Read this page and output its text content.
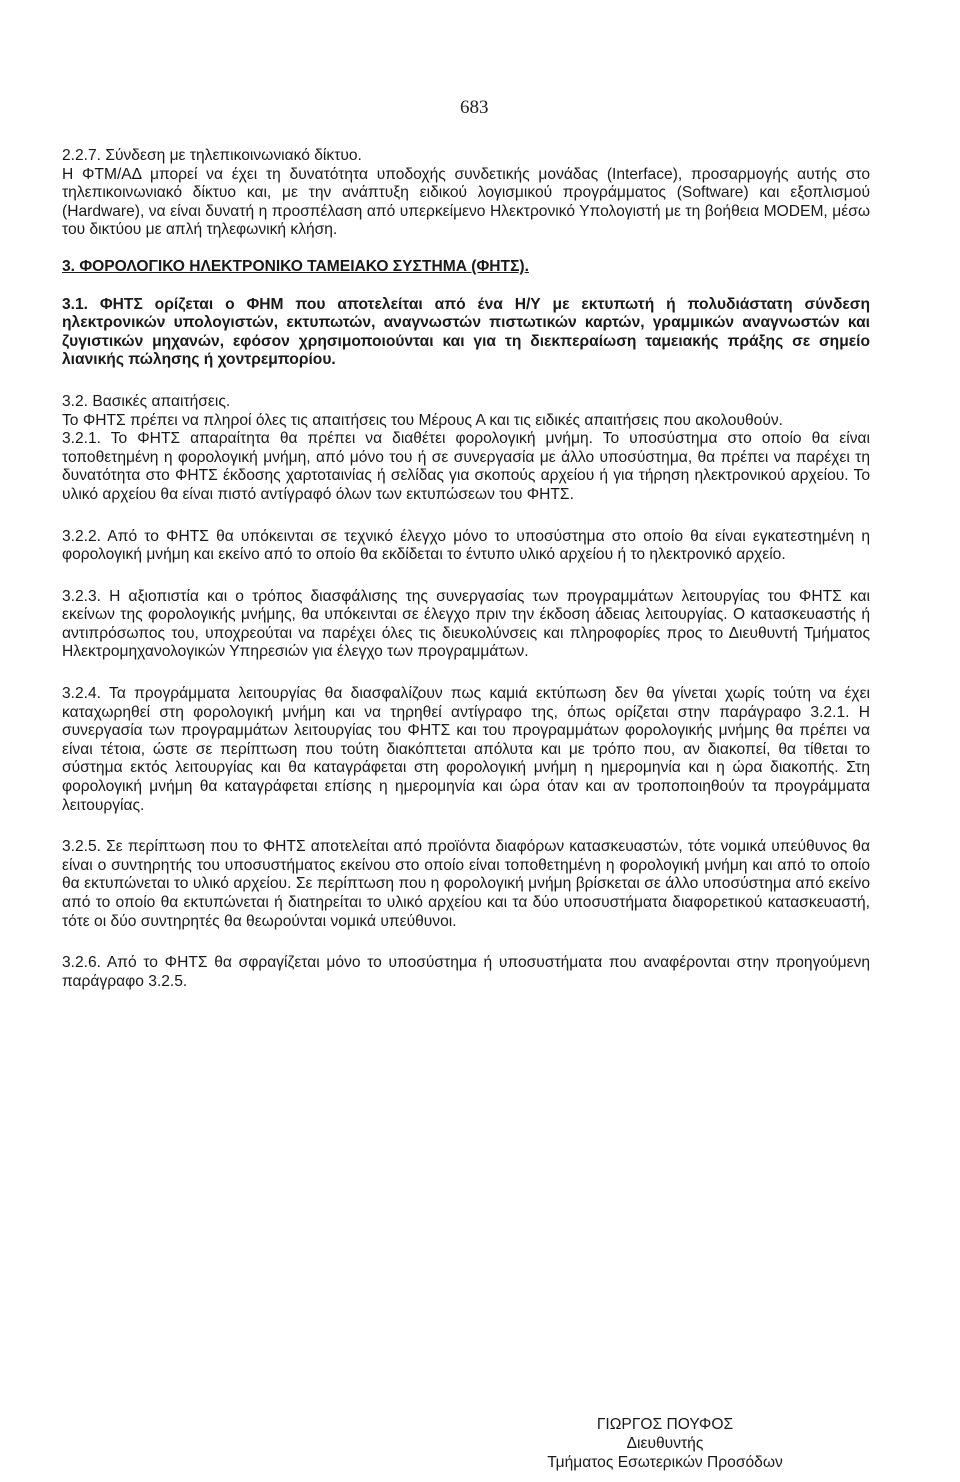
683

2.2.7. Σύνδεση με τηλεπικοινωνιακό δίκτυο.

Η ΦΤΜ/ΑΔ μπορεί να έχει τη δυνατότητα υποδοχής συνδετικής μονάδας (Interface), προσαρμογής αυτής στο τηλεπικοινωνιακό δίκτυο και, με την ανάπτυξη ειδικού λογισμικού προγράμματος (Software) και εξοπλισμού (Hardware), να είναι δυνατή η προσπέλαση από υπερκείμενο Ηλεκτρονικό Υπολογιστή με τη βοήθεια MODEM, μέσω του δικτύου με απλή τηλεφωνική κλήση.

3. ΦΟΡΟΛΟΓΙΚΟ ΗΛΕΚΤΡΟΝΙΚΟ ΤΑΜΕΙΑΚΟ ΣΥΣΤΗΜΑ (ΦΗΤΣ).

3.1. ΦΗΤΣ ορίζεται ο ΦΗΜ που αποτελείται από ένα Η/Υ με εκτυπωτή ή πολυδιάστατη σύνδεση ηλεκτρονικών υπολογιστών, εκτυπωτών, αναγνωστών πιστωτικών καρτών, γραμμικών αναγνωστών και ζυγιστικών μηχανών, εφόσον χρησιμοποιούνται και για τη διεκπεραίωση ταμειακής πράξης σε σημείο λιανικής πώλησης ή χοντρεμπορίου.

3.2. Βασικές απαιτήσεις.

Το ΦΗΤΣ πρέπει να πληροί όλες τις απαιτήσεις του Μέρους Α και τις ειδικές απαιτήσεις που ακολουθούν.

3.2.1. Το ΦΗΤΣ απαραίτητα θα πρέπει να διαθέτει φορολογική μνήμη. Το υποσύστημα στο οποίο θα είναι τοποθετημένη η φορολογική μνήμη, από μόνο του ή σε συνεργασία με άλλο υποσύστημα, θα πρέπει να παρέχει τη δυνατότητα στο ΦΗΤΣ έκδοσης χαρτοταινίας ή σελίδας για σκοπούς αρχείου ή για τήρηση ηλεκτρονικού αρχείου. Το υλικό αρχείου θα είναι πιστό αντίγραφό όλων των εκτυπώσεων του ΦΗΤΣ.

3.2.2. Από το ΦΗΤΣ θα υπόκεινται σε τεχνικό έλεγχο μόνο το υποσύστημα στο οποίο θα είναι εγκατεστημένη η φορολογική μνήμη και εκείνο από το οποίο θα εκδίδεται το έντυπο υλικό αρχείου ή το ηλεκτρονικό αρχείο.

3.2.3. Η αξιοπιστία και ο τρόπος διασφάλισης της συνεργασίας των προγραμμάτων λειτουργίας του ΦΗΤΣ και εκείνων της φορολογικής μνήμης, θα υπόκεινται σε έλεγχο πριν την έκδοση άδειας λειτουργίας. Ο κατασκευαστής ή αντιπρόσωπος του, υποχρεούται να παρέχει όλες τις διευκολύνσεις και πληροφορίες προς το Διευθυντή Τμήματος Ηλεκτρομηχανολογικών Υπηρεσιών για έλεγχο των προγραμμάτων.

3.2.4. Τα προγράμματα λειτουργίας θα διασφαλίζουν πως καμιά εκτύπωση δεν θα γίνεται χωρίς τούτη να έχει καταχωρηθεί στη φορολογική μνήμη και να τηρηθεί αντίγραφο της, όπως ορίζεται στην παράγραφο 3.2.1. Η συνεργασία των προγραμμάτων λειτουργίας του ΦΗΤΣ και του προγραμμάτων φορολογικής μνήμης θα πρέπει να είναι τέτοια, ώστε σε περίπτωση που τούτη διακόπτεται απόλυτα και με τρόπο που, αν διακοπεί, θα τίθεται το σύστημα εκτός λειτουργίας και θα καταγράφεται στη φορολογική μνήμη η ημερομηνία και η ώρα διακοπής. Στη φορολογική μνήμη θα καταγράφεται επίσης η ημερομηνία και ώρα όταν και αν τροποποιηθούν τα προγράμματα λειτουργίας.

3.2.5. Σε περίπτωση που το ΦΗΤΣ αποτελείται από προϊόντα διαφόρων κατασκευαστών, τότε νομικά υπεύθυνος θα είναι ο συντηρητής του υποσυστήματος εκείνου στο οποίο είναι τοποθετημένη η φορολογική μνήμη και από το οποίο θα εκτυπώνεται το υλικό αρχείου. Σε περίπτωση που η φορολογική μνήμη βρίσκεται σε άλλο υποσύστημα από εκείνο από το οποίο θα εκτυπώνεται ή διατηρείται το υλικό αρχείου και τα δύο υποσυστήματα διαφορετικού κατασκευαστή, τότε οι δύο συντηρητές θα θεωρούνται νομικά υπεύθυνοι.

3.2.6. Από το ΦΗΤΣ θα σφραγίζεται μόνο το υποσύστημα ή υποσυστήματα που αναφέρονται στην προηγούμενη παράγραφο 3.2.5.

ΓΙΩΡΓΟΣ ΠΟΥΦΟΣ
Διευθυντής
Τμήματος Εσωτερικών Προσόδων
